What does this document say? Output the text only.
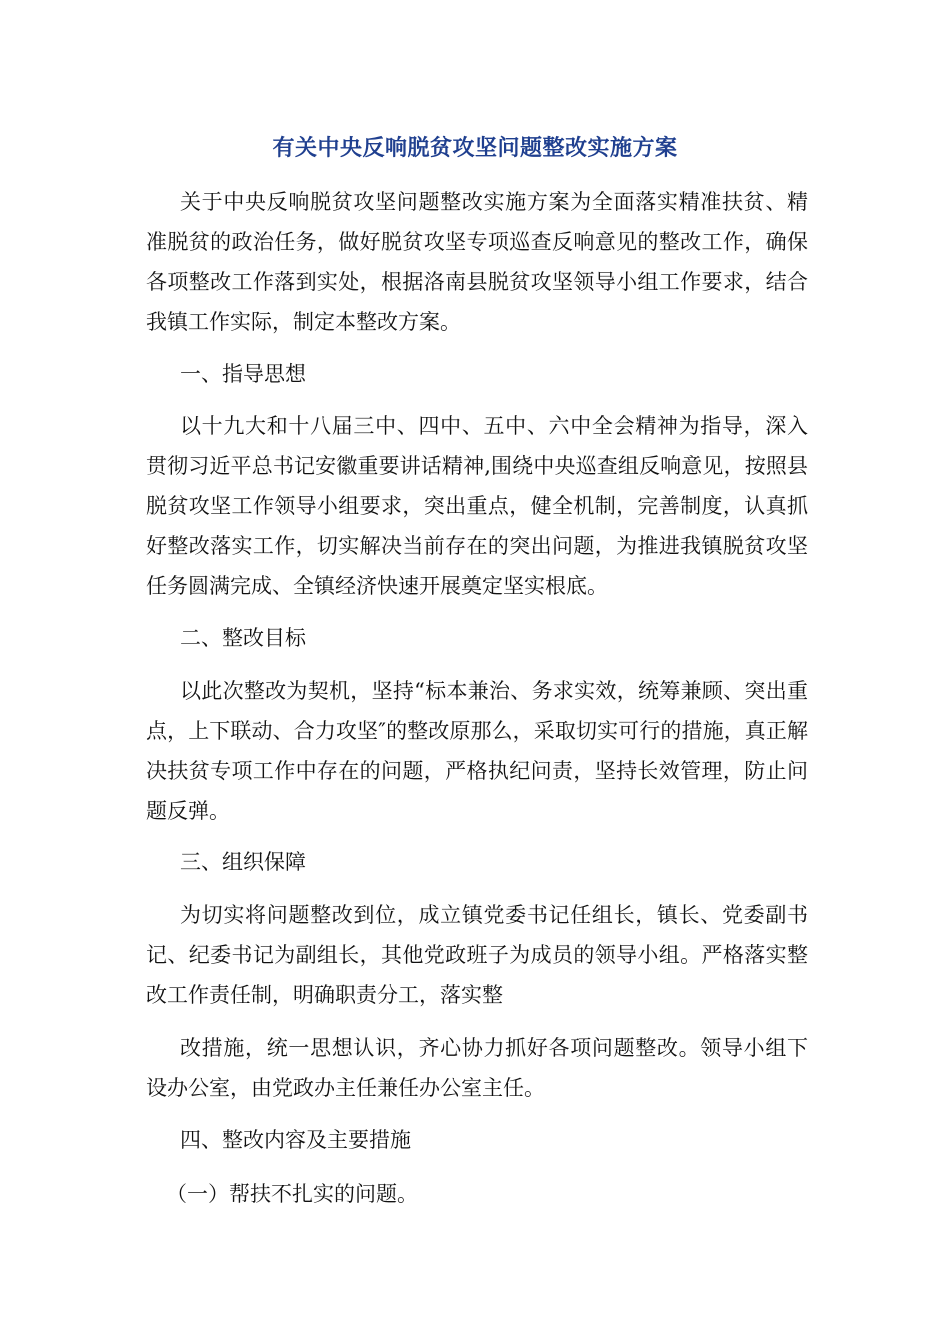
有关中央反响脱贫攻坚问题整改实施方案

关于中央反响脱贫攻坚问题整改实施方案为全面落实精准扶贫、精准脱贫的政治任务，做好脱贫攻坚专项巡查反响意见的整改工作，确保各项整改工作落到实处，根据洛南县脱贫攻坚领导小组工作要求，结合我镇工作实际，制定本整改方案。

一、指导思想

以十九大和十八届三中、四中、五中、六中全会精神为指导，深入贯彻习近平总书记安徽重要讲话精神,围绕中央巡查组反响意见，按照县脱贫攻坚工作领导小组要求，突出重点，健全机制，完善制度，认真抓好整改落实工作，切实解决当前存在的突出问题，为推进我镇脱贫攻坚任务圆满完成、全镇经济快速开展奠定坚实根底。

二、整改目标

以此次整改为契机，坚持“标本兼治、务求实效，统筹兼顾、突出重点，上下联动、合力攻坚″的整改原那么，采取切实可行的措施，真正解决扶贫专项工作中存在的问题，严格执纪问责，坚持长效管理，防止问题反弹。

三、组织保障

为切实将问题整改到位，成立镇党委书记任组长，镇长、党委副书记、纪委书记为副组长，其他党政班子为成员的领导小组。严格落实整改工作责任制，明确职责分工，落实整

改措施，统一思想认识，齐心协力抓好各项问题整改。领导小组下设办公室，由党政办主任兼任办公室主任。

四、整改内容及主要措施

（一）帮扶不扎实的问题。
